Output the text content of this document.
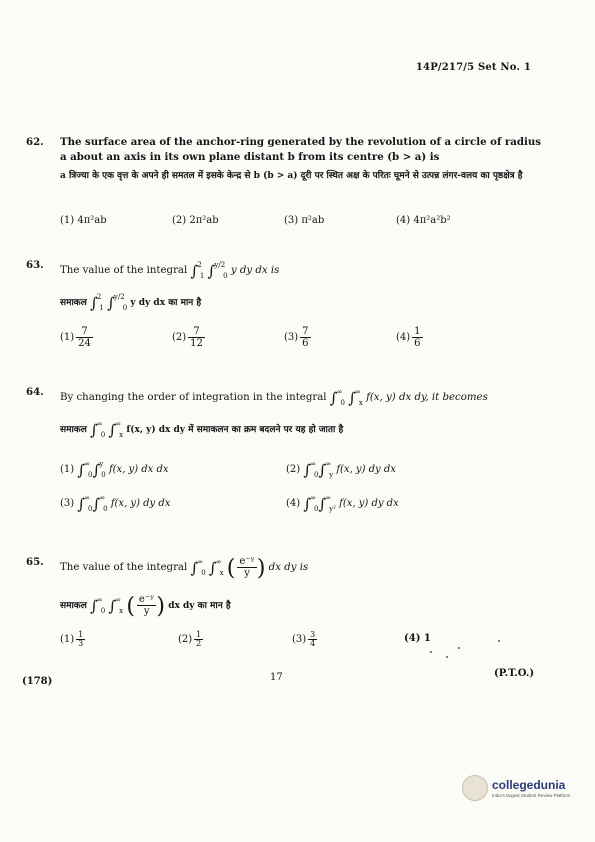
14P/217/5 Set No. 1
62. The surface area of the anchor-ring generated by the revolution of a circle of radius a about an axis in its own plane distant b from its centre (b > a) is
a त्रिज्या के एक वृत्त के अपने ही समतल में इसके केन्द्र से b (b > a) दूरी पर स्थित अक्ष के परितः घूमने से उत्पन्न लंगर-वलय का पृष्ठक्षेत्र है
(1) 4π²ab	(2) 2π²ab	(3) π²ab	(4) 4π²a²b²
63. The value of the integral ∫21 ∫y/20 y dy dx is
समाकल ∫21 ∫y/20 y dy dx का मान है
$(1) \frac{7}{24}$	$(2) \frac{7}{12}$	$(3) \frac{7}{6}$	$(4) \frac{1}{6}$
64. By changing the order of integration in the integral ∫∞0 ∫∞x f(x, y) dx dy, it becomes
समाकल ∫∞0 ∫∞x f(x, y) dx dy में समाकलन का क्रम बदलने पर यह हो जाता है
(1) ∫∞0∫y0 f(x, y) dx dx	(2) ∫∞0∫∞y f(x, y) dy dx
(3) ∫∞0∫∞0 f(x, y) dy dx	(4) ∫∞0∫∞y² f(x, y) dy dx
65. The value of the integral ∫∞0 ∫∞x ( $\frac{\text{e⁻ʸ}}{y}$ ) dx dy is
समाकल ∫∞0 ∫∞x ( $\frac{\text{e⁻ʸ}}{y}$ ) dx dy का मान है
$(1) \frac{1}{3}$	$(2) \frac{1}{2}$	$(3) \frac{3}{4}$	(4) 1
(178)	17	(P.T.O.)
collegedunia
India's largest Student Review Platform
